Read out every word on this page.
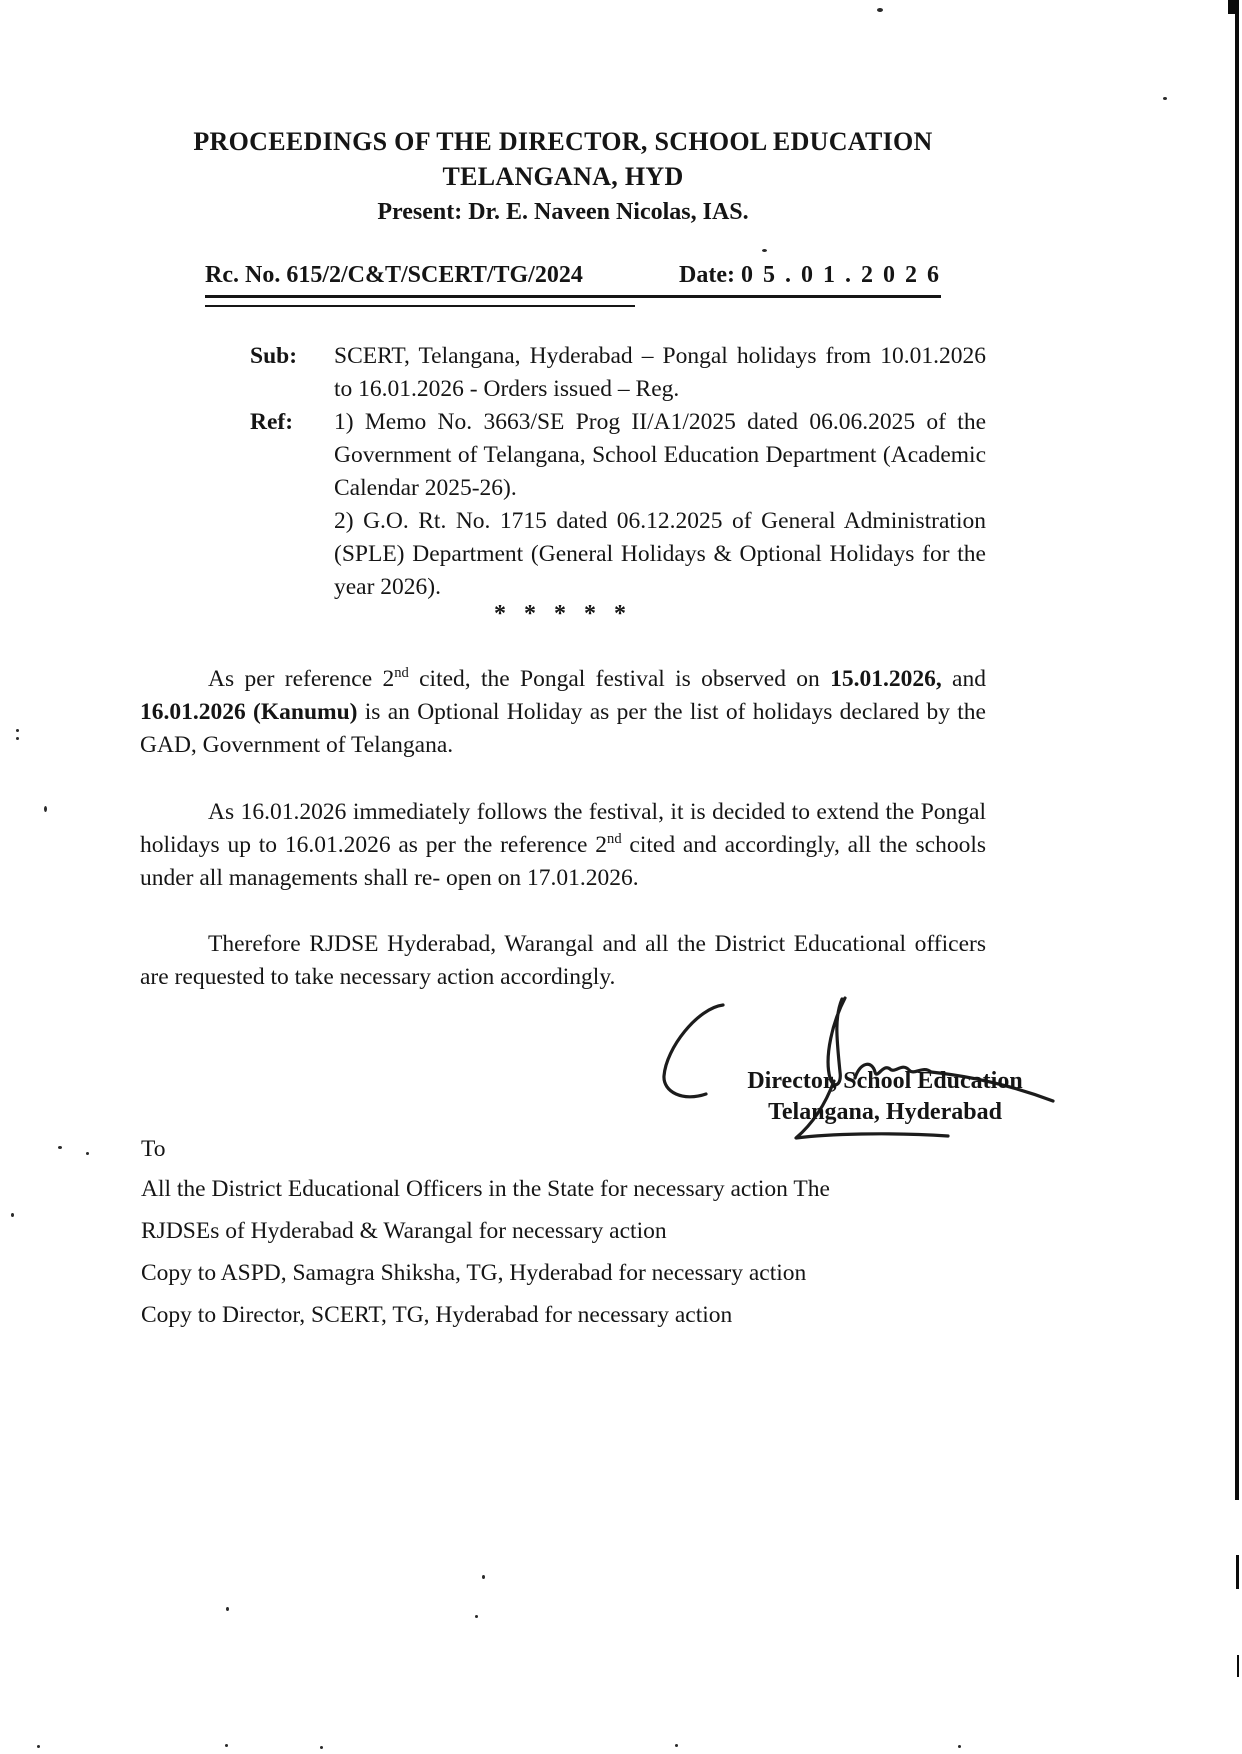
PROCEEDINGS OF THE DIRECTOR, SCHOOL EDUCATION
TELANGANA, HYD
Present: Dr. E. Naveen Nicolas, IAS.
Rc. No. 615/2/C&T/SCERT/TG/2024	Date: 0 5 . 0 1 . 2 0 2 6
Sub:	SCERT, Telangana, Hyderabad – Pongal holidays from 10.01.2026 to 16.01.2026 - Orders issued – Reg.
Ref:	1) Memo No. 3663/SE Prog II/A1/2025 dated 06.06.2025 of the Government of Telangana, School Education Department (Academic Calendar 2025-26).
2) G.O. Rt. No. 1715 dated 06.12.2025 of General Administration (SPLE) Department (General Holidays & Optional Holidays for the year 2026).
* * * * *

As per reference 2nd cited, the Pongal festival is observed on 15.01.2026, and 16.01.2026 (Kanumu) is an Optional Holiday as per the list of holidays declared by the GAD, Government of Telangana.

As 16.01.2026 immediately follows the festival, it is decided to extend the Pongal holidays up to 16.01.2026 as per the reference 2nd cited and accordingly, all the schools under all managements shall re- open on 17.01.2026.

Therefore RJDSE Hyderabad, Warangal and all the District Educational officers are requested to take necessary action accordingly.

Director, School Education
Telangana, Hyderabad
To
All the District Educational Officers in the State for necessary action The
RJDSEs of Hyderabad & Warangal for necessary action
Copy to ASPD, Samagra Shiksha, TG, Hyderabad for necessary action
Copy to Director, SCERT, TG, Hyderabad for necessary action
